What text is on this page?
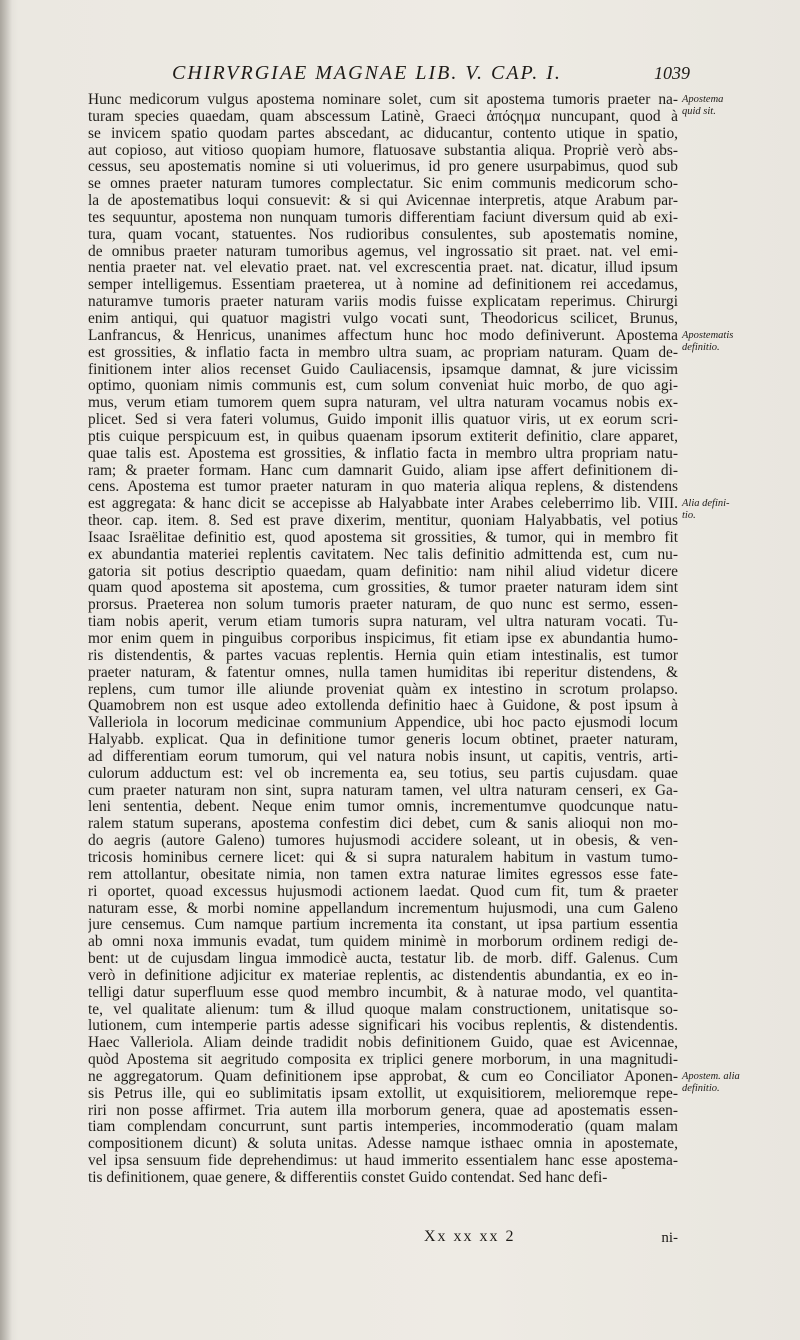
CHIRVRGIAE MAGNAE LIB. V. CAP. I.	1039
Hunc medicorum vulgus apostema nominare solet, cum sit apostema tumoris praeter na-
turam species quaedam, quam abscessum Latinè, Graeci ἀπόςημα nuncupant, quod à
se invicem spatio quodam partes abscedant, ac diducantur, contento utique in spatio,
aut copioso, aut vitioso quopiam humore, flatuosave substantia aliqua. Propriè verò abs-
cessus, seu apostematis nomine si uti voluerimus, id pro genere usurpabimus, quod sub
se omnes praeter naturam tumores complectatur. Sic enim communis medicorum scho-
la de apostematibus loqui consuevit: & si qui Avicennae interpretis, atque Arabum par-
tes sequuntur, apostema non nunquam tumoris differentiam faciunt diversum quid ab exi-
tura, quam vocant, statuentes. Nos rudioribus consulentes, sub apostematis nomine,
de omnibus praeter naturam tumoribus agemus, vel ingrossatio sit praet. nat. vel emi-
nentia praeter nat. vel elevatio praet. nat. vel excrescentia praet. nat. dicatur, illud ipsum
semper intelligemus. Essentiam praeterea, ut à nomine ad definitionem rei accedamus,
naturamve tumoris praeter naturam variis modis fuisse explicatam reperimus. Chirurgi
enim antiqui, qui quatuor magistri vulgo vocati sunt, Theodoricus scilicet, Brunus,
Lanfrancus, & Henricus, unanimes affectum hunc hoc modo definiverunt. Apostema
est grossities, & inflatio facta in membro ultra suam, ac propriam naturam. Quam de-
finitionem inter alios recenset Guido Cauliacensis, ipsamque damnat, & jure vicissim
optimo, quoniam nimis communis est, cum solum conveniat huic morbo, de quo agi-
mus, verum etiam tumorem quem supra naturam, vel ultra naturam vocamus nobis ex-
plicet. Sed si vera fateri volumus, Guido imponit illis quatuor viris, ut ex eorum scri-
ptis cuique perspicuum est, in quibus quaenam ipsorum extiterit definitio, clare apparet,
quae talis est. Apostema est grossities, & inflatio facta in membro ultra propriam natu-
ram; & praeter formam. Hanc cum damnarit Guido, aliam ipse affert definitionem di-
cens. Apostema est tumor praeter naturam in quo materia aliqua replens, & distendens
est aggregata: & hanc dicit se accepisse ab Halyabbate inter Arabes celeberrimo lib. VIII.
theor. cap. item. 8. Sed est prave dixerim, mentitur, quoniam Halyabbatis, vel potius
Isaac Israëlitae definitio est, quod apostema sit grossities, & tumor, qui in membro fit
ex abundantia materiei replentis cavitatem. Nec talis definitio admittenda est, cum nu-
gatoria sit potius descriptio quaedam, quam definitio: nam nihil aliud videtur dicere
quam quod apostema sit apostema, cum grossities, & tumor praeter naturam idem sint
prorsus. Praeterea non solum tumoris praeter naturam, de quo nunc est sermo, essen-
tiam nobis aperit, verum etiam tumoris supra naturam, vel ultra naturam vocati. Tu-
mor enim quem in pinguibus corporibus inspicimus, fit etiam ipse ex abundantia humo-
ris distendentis, & partes vacuas replentis. Hernia quin etiam intestinalis, est tumor
praeter naturam, & fatentur omnes, nulla tamen humiditas ibi reperitur distendens, &
replens, cum tumor ille aliunde proveniat quàm ex intestino in scrotum prolapso.
Quamobrem non est usque adeo extollenda definitio haec à Guidone, & post ipsum à
Valleriola in locorum medicinae communium Appendice, ubi hoc pacto ejusmodi locum
Halyabb. explicat. Qua in definitione tumor generis locum obtinet, praeter naturam,
ad differentiam eorum tumorum, qui vel natura nobis insunt, ut capitis, ventris, arti-
culorum adductum est: vel ob incrementa ea, seu totius, seu partis cujusdam. quae
cum praeter naturam non sint, supra naturam tamen, vel ultra naturam censeri, ex Ga-
leni sententia, debent. Neque enim tumor omnis, incrementumve quodcunque natu-
ralem statum superans, apostema confestim dici debet, cum & sanis alioqui non mo-
do aegris (autore Galeno) tumores hujusmodi accidere soleant, ut in obesis, & ven-
tricosis hominibus cernere licet: qui & si supra naturalem habitum in vastum tumo-
rem attollantur, obesitate nimia, non tamen extra naturae limites egressos esse fate-
ri oportet, quoad excessus hujusmodi actionem laedat. Quod cum fit, tum & praeter
naturam esse, & morbi nomine appellandum incrementum hujusmodi, una cum Galeno
jure censemus. Cum namque partium incrementa ita constant, ut ipsa partium essentia
ab omni noxa immunis evadat, tum quidem minimè in morborum ordinem redigi de-
bent: ut de cujusdam lingua immodicè aucta, testatur lib. de morb. diff. Galenus. Cum
verò in definitione adjicitur ex materiae replentis, ac distendentis abundantia, ex eo in-
telligi datur superfluum esse quod membro incumbit, & à naturae modo, vel quantita-
te, vel qualitate alienum: tum & illud quoque malam constructionem, unitatisque so-
lutionem, cum intemperie partis adesse significari his vocibus replentis, & distendentis.
Haec Valleriola. Aliam deinde tradidit nobis definitionem Guido, quae est Avicennae,
quòd Apostema sit aegritudo composita ex triplici genere morborum, in una magnitudi-
ne aggregatorum. Quam definitionem ipse approbat, & cum eo Conciliator Aponen-
sis Petrus ille, qui eo sublimitatis ipsam extollit, ut exquisitiorem, melioremque repe-
riri non posse affirmet. Tria autem illa morborum genera, quae ad apostematis essen-
tiam complendam concurrunt, sunt partis intemperies, incommoderatio (quam malam
compositionem dicunt) & soluta unitas. Adesse namque isthaec omnia in apostemate,
vel ipsa sensuum fide deprehendimus: ut haud immerito essentialem hanc esse apostema-
tis definitionem, quae genere, & differentiis constet Guido contendat. Sed hanc defi-
Apostema
quid sit.
Apostematis
definitio.
Alia defini-
tio.
Apostem. alia
definitio.
Xx xx xx 2	ni-
